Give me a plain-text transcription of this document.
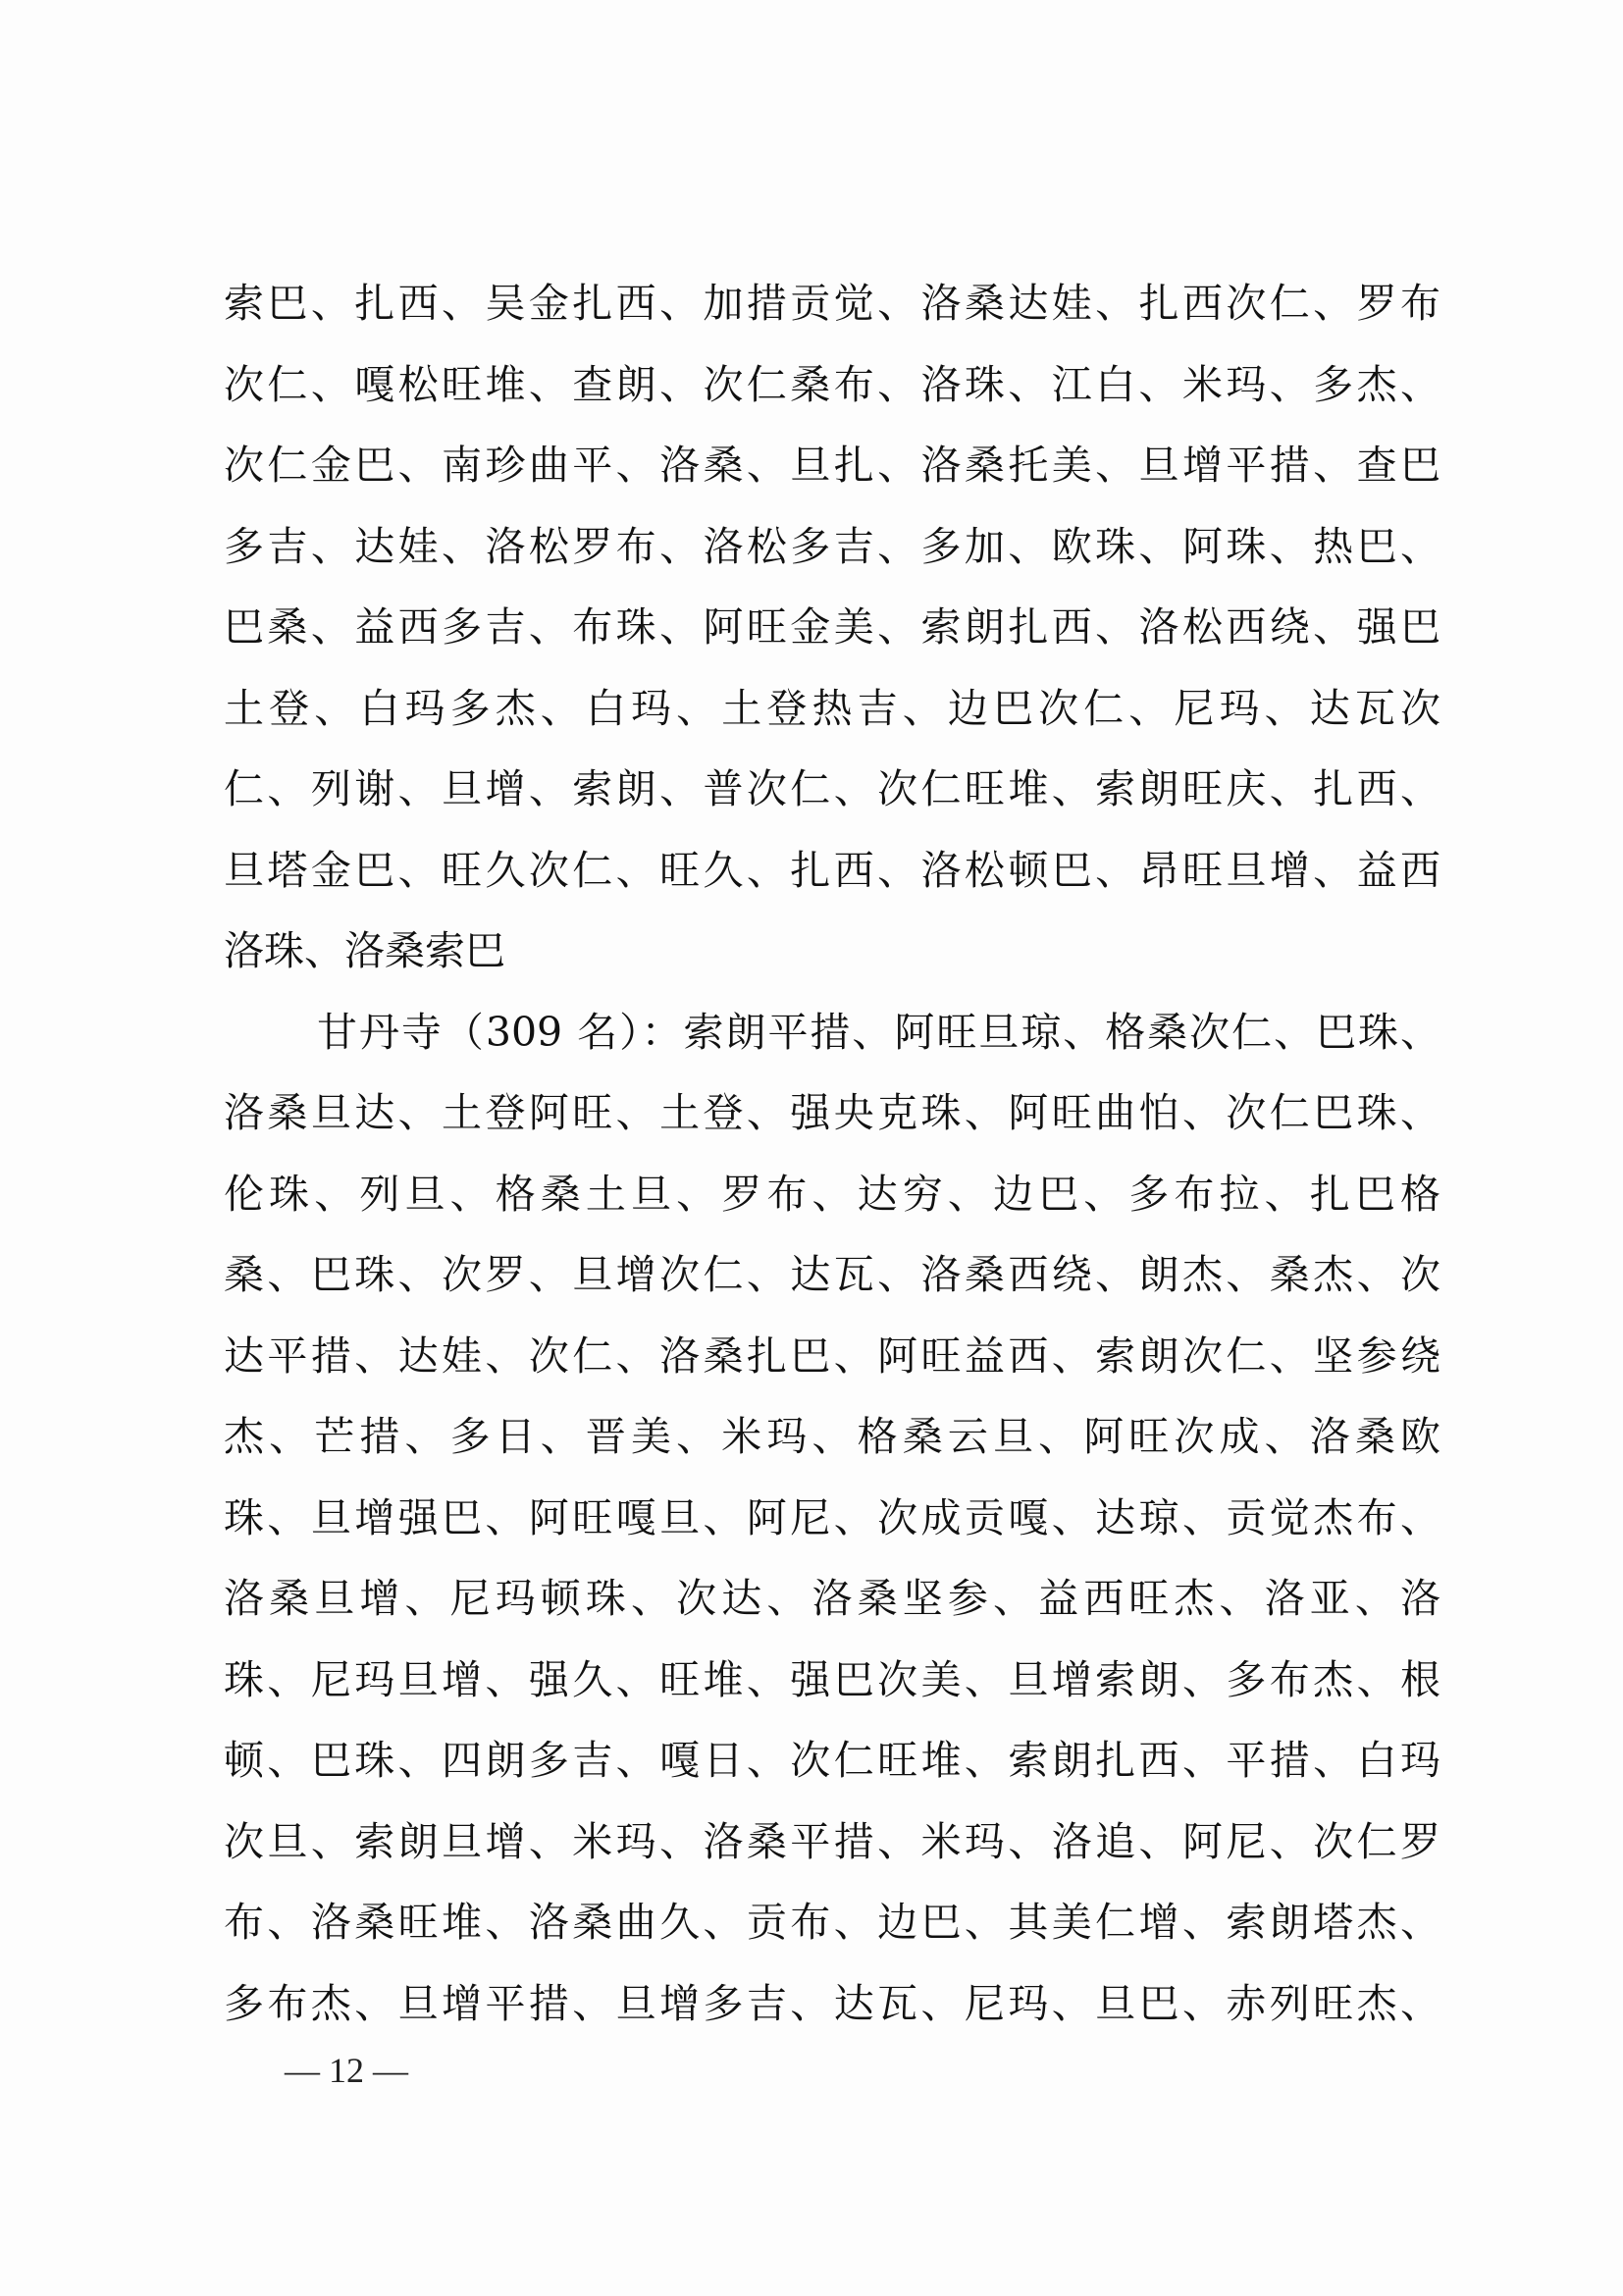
索巴、扎西、吴金扎西、加措贡觉、洛桑达娃、扎西次仁、罗布
次仁、嘎松旺堆、查朗、次仁桑布、洛珠、江白、米玛、多杰、
次仁金巴、南珍曲平、洛桑、旦扎、洛桑托美、旦增平措、查巴
多吉、达娃、洛松罗布、洛松多吉、多加、欧珠、阿珠、热巴、
巴桑、益西多吉、布珠、阿旺金美、索朗扎西、洛松西绕、强巴
土登、白玛多杰、白玛、土登热吉、边巴次仁、尼玛、达瓦次
仁、列谢、旦增、索朗、普次仁、次仁旺堆、索朗旺庆、扎西、
旦塔金巴、旺久次仁、旺久、扎西、洛松顿巴、昂旺旦增、益西
洛珠、洛桑索巴
甘丹寺（309 名）：索朗平措、阿旺旦琼、格桑次仁、巴珠、
洛桑旦达、土登阿旺、土登、强央克珠、阿旺曲怕、次仁巴珠、
伦珠、列旦、格桑土旦、罗布、达穷、边巴、多布拉、扎巴格
桑、巴珠、次罗、旦增次仁、达瓦、洛桑西绕、朗杰、桑杰、次
达平措、达娃、次仁、洛桑扎巴、阿旺益西、索朗次仁、坚参绕
杰、芒措、多日、晋美、米玛、格桑云旦、阿旺次成、洛桑欧
珠、旦增强巴、阿旺嘎旦、阿尼、次成贡嘎、达琼、贡觉杰布、
洛桑旦增、尼玛顿珠、次达、洛桑坚参、益西旺杰、洛亚、洛
珠、尼玛旦增、强久、旺堆、强巴次美、旦增索朗、多布杰、根
顿、巴珠、四朗多吉、嘎日、次仁旺堆、索朗扎西、平措、白玛
次旦、索朗旦增、米玛、洛桑平措、米玛、洛追、阿尼、次仁罗
布、洛桑旺堆、洛桑曲久、贡布、边巴、其美仁增、索朗塔杰、
多布杰、旦增平措、旦增多吉、达瓦、尼玛、旦巴、赤列旺杰、
— 12 —
